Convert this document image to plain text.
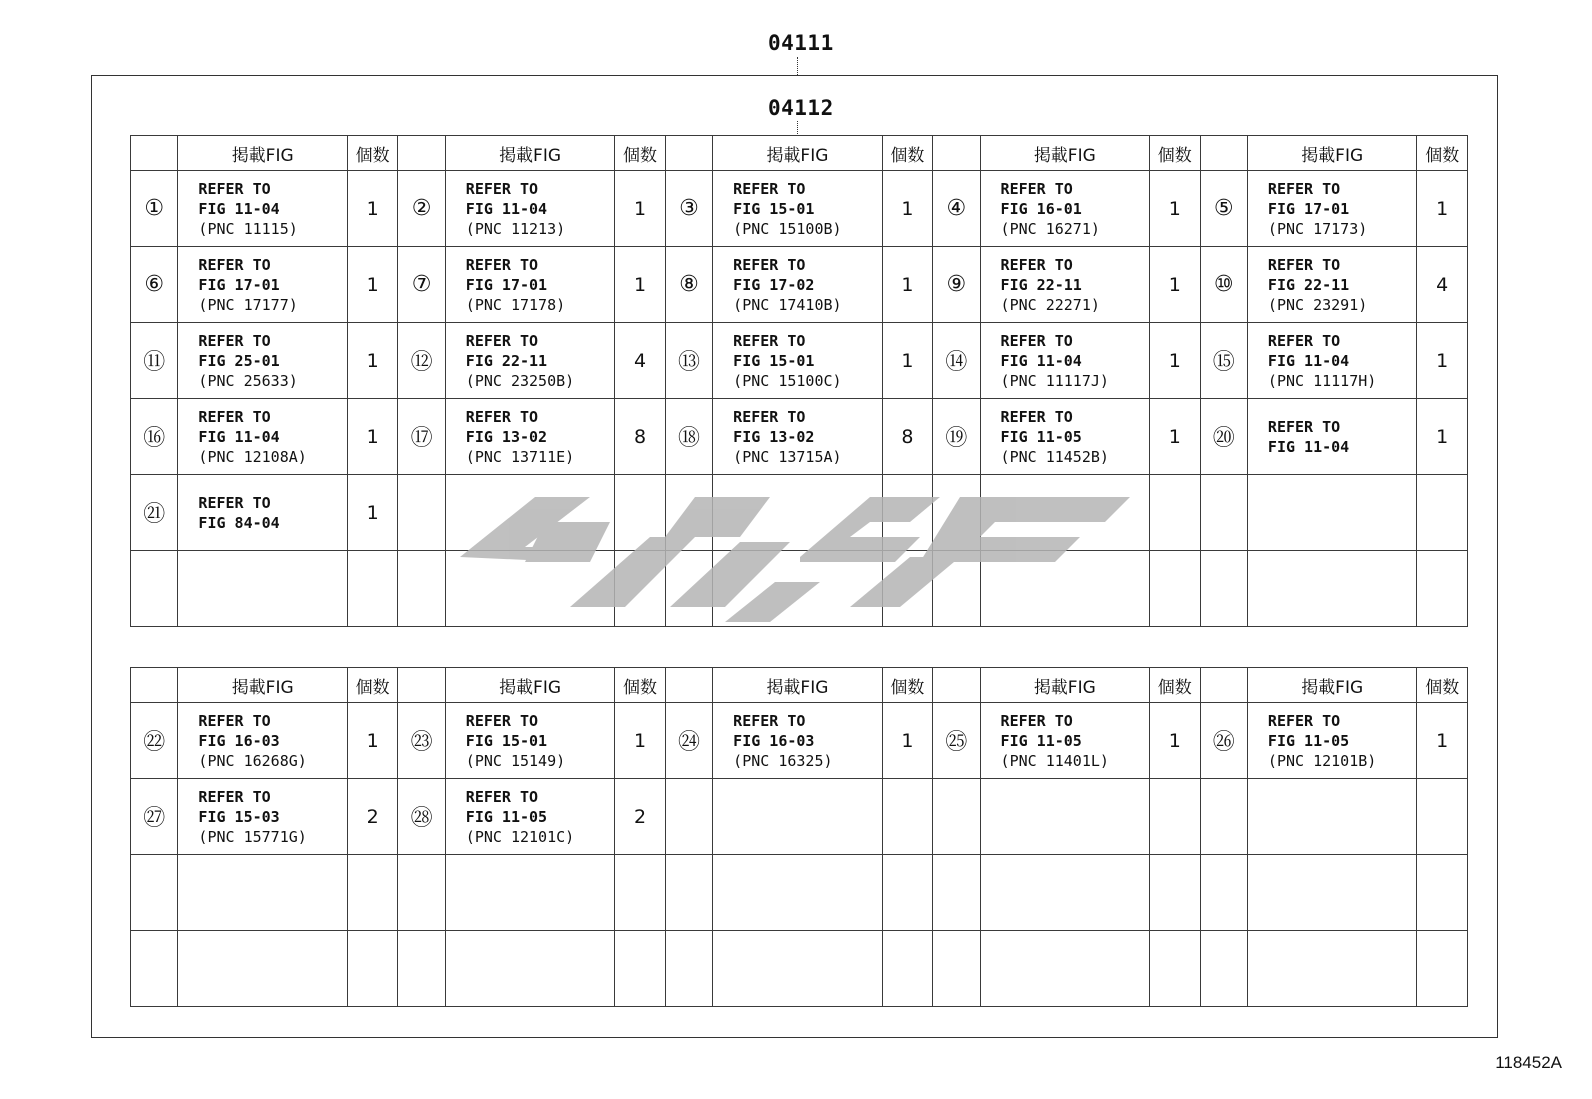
04111
04112
	掲載FIG	個数		掲載FIG	個数		掲載FIG	個数		掲載FIG	個数		掲載FIG	個数
①	REFER TO
FIG 11-04
(PNC 11115)	1	②	REFER TO
FIG 11-04
(PNC 11213)	1	③	REFER TO
FIG 15-01
(PNC 15100B)	1	④	REFER TO
FIG 16-01
(PNC 16271)	1	⑤	REFER TO
FIG 17-01
(PNC 17173)	1
⑥	REFER TO
FIG 17-01
(PNC 17177)	1	⑦	REFER TO
FIG 17-01
(PNC 17178)	1	⑧	REFER TO
FIG 17-02
(PNC 17410B)	1	⑨	REFER TO
FIG 22-11
(PNC 22271)	1	⑩	REFER TO
FIG 22-11
(PNC 23291)	4
⑪	REFER TO
FIG 25-01
(PNC 25633)	1	⑫	REFER TO
FIG 22-11
(PNC 23250B)	4	⑬	REFER TO
FIG 15-01
(PNC 15100C)	1	⑭	REFER TO
FIG 11-04
(PNC 11117J)	1	⑮	REFER TO
FIG 11-04
(PNC 11117H)	1
⑯	REFER TO
FIG 11-04
(PNC 12108A)	1	⑰	REFER TO
FIG 13-02
(PNC 13711E)	8	⑱	REFER TO
FIG 13-02
(PNC 13715A)	8	⑲	REFER TO
FIG 11-05
(PNC 11452B)	1	⑳	REFER TO
FIG 11-04	1
㉑	REFER TO
FIG 84-04	1		

	掲載FIG	個数		掲載FIG	個数		掲載FIG	個数		掲載FIG	個数		掲載FIG	個数
㉒	REFER TO
FIG 16-03
(PNC 16268G)	1	㉓	REFER TO
FIG 15-01
(PNC 15149)	1	㉔	REFER TO
FIG 16-03
(PNC 16325)	1	㉕	REFER TO
FIG 11-05
(PNC 11401L)	1	㉖	REFER TO
FIG 11-05
(PNC 12101B)	1
㉗	REFER TO
FIG 15-03
(PNC 15771G)	2	㉘	REFER TO
FIG 11-05
(PNC 12101C)	2		

118452A
